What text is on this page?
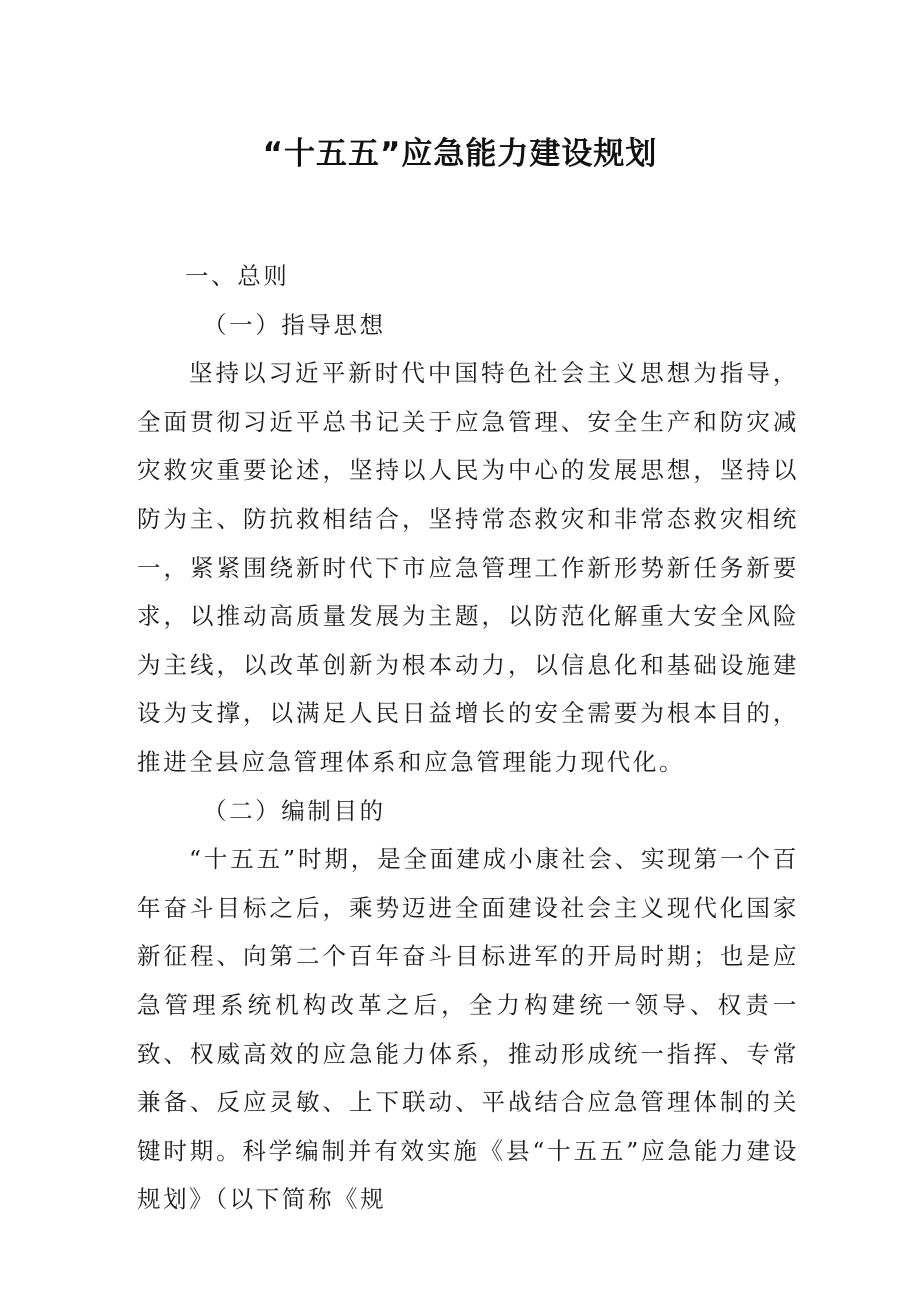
“十五五”应急能力建设规划

一、总则

（一）指导思想

坚持以习近平新时代中国特色社会主义思想为指导，全面贯彻习近平总书记关于应急管理、安全生产和防灾减灾救灾重要论述，坚持以人民为中心的发展思想，坚持以防为主、防抗救相结合，坚持常态救灾和非常态救灾相统一，紧紧围绕新时代下市应急管理工作新形势新任务新要求，以推动高质量发展为主题，以防范化解重大安全风险为主线，以改革创新为根本动力，以信息化和基础设施建设为支撑，以满足人民日益增长的安全需要为根本目的，推进全县应急管理体系和应急管理能力现代化。

（二）编制目的

“十五五”时期，是全面建成小康社会、实现第一个百年奋斗目标之后，乘势迈进全面建设社会主义现代化国家新征程、向第二个百年奋斗目标进军的开局时期；也是应急管理系统机构改革之后，全力构建统一领导、权责一致、权威高效的应急能力体系，推动形成统一指挥、专常兼备、反应灵敏、上下联动、平战结合应急管理体制的关键时期。科学编制并有效实施《县“十五五”应急能力建设规划》（以下简称《规
